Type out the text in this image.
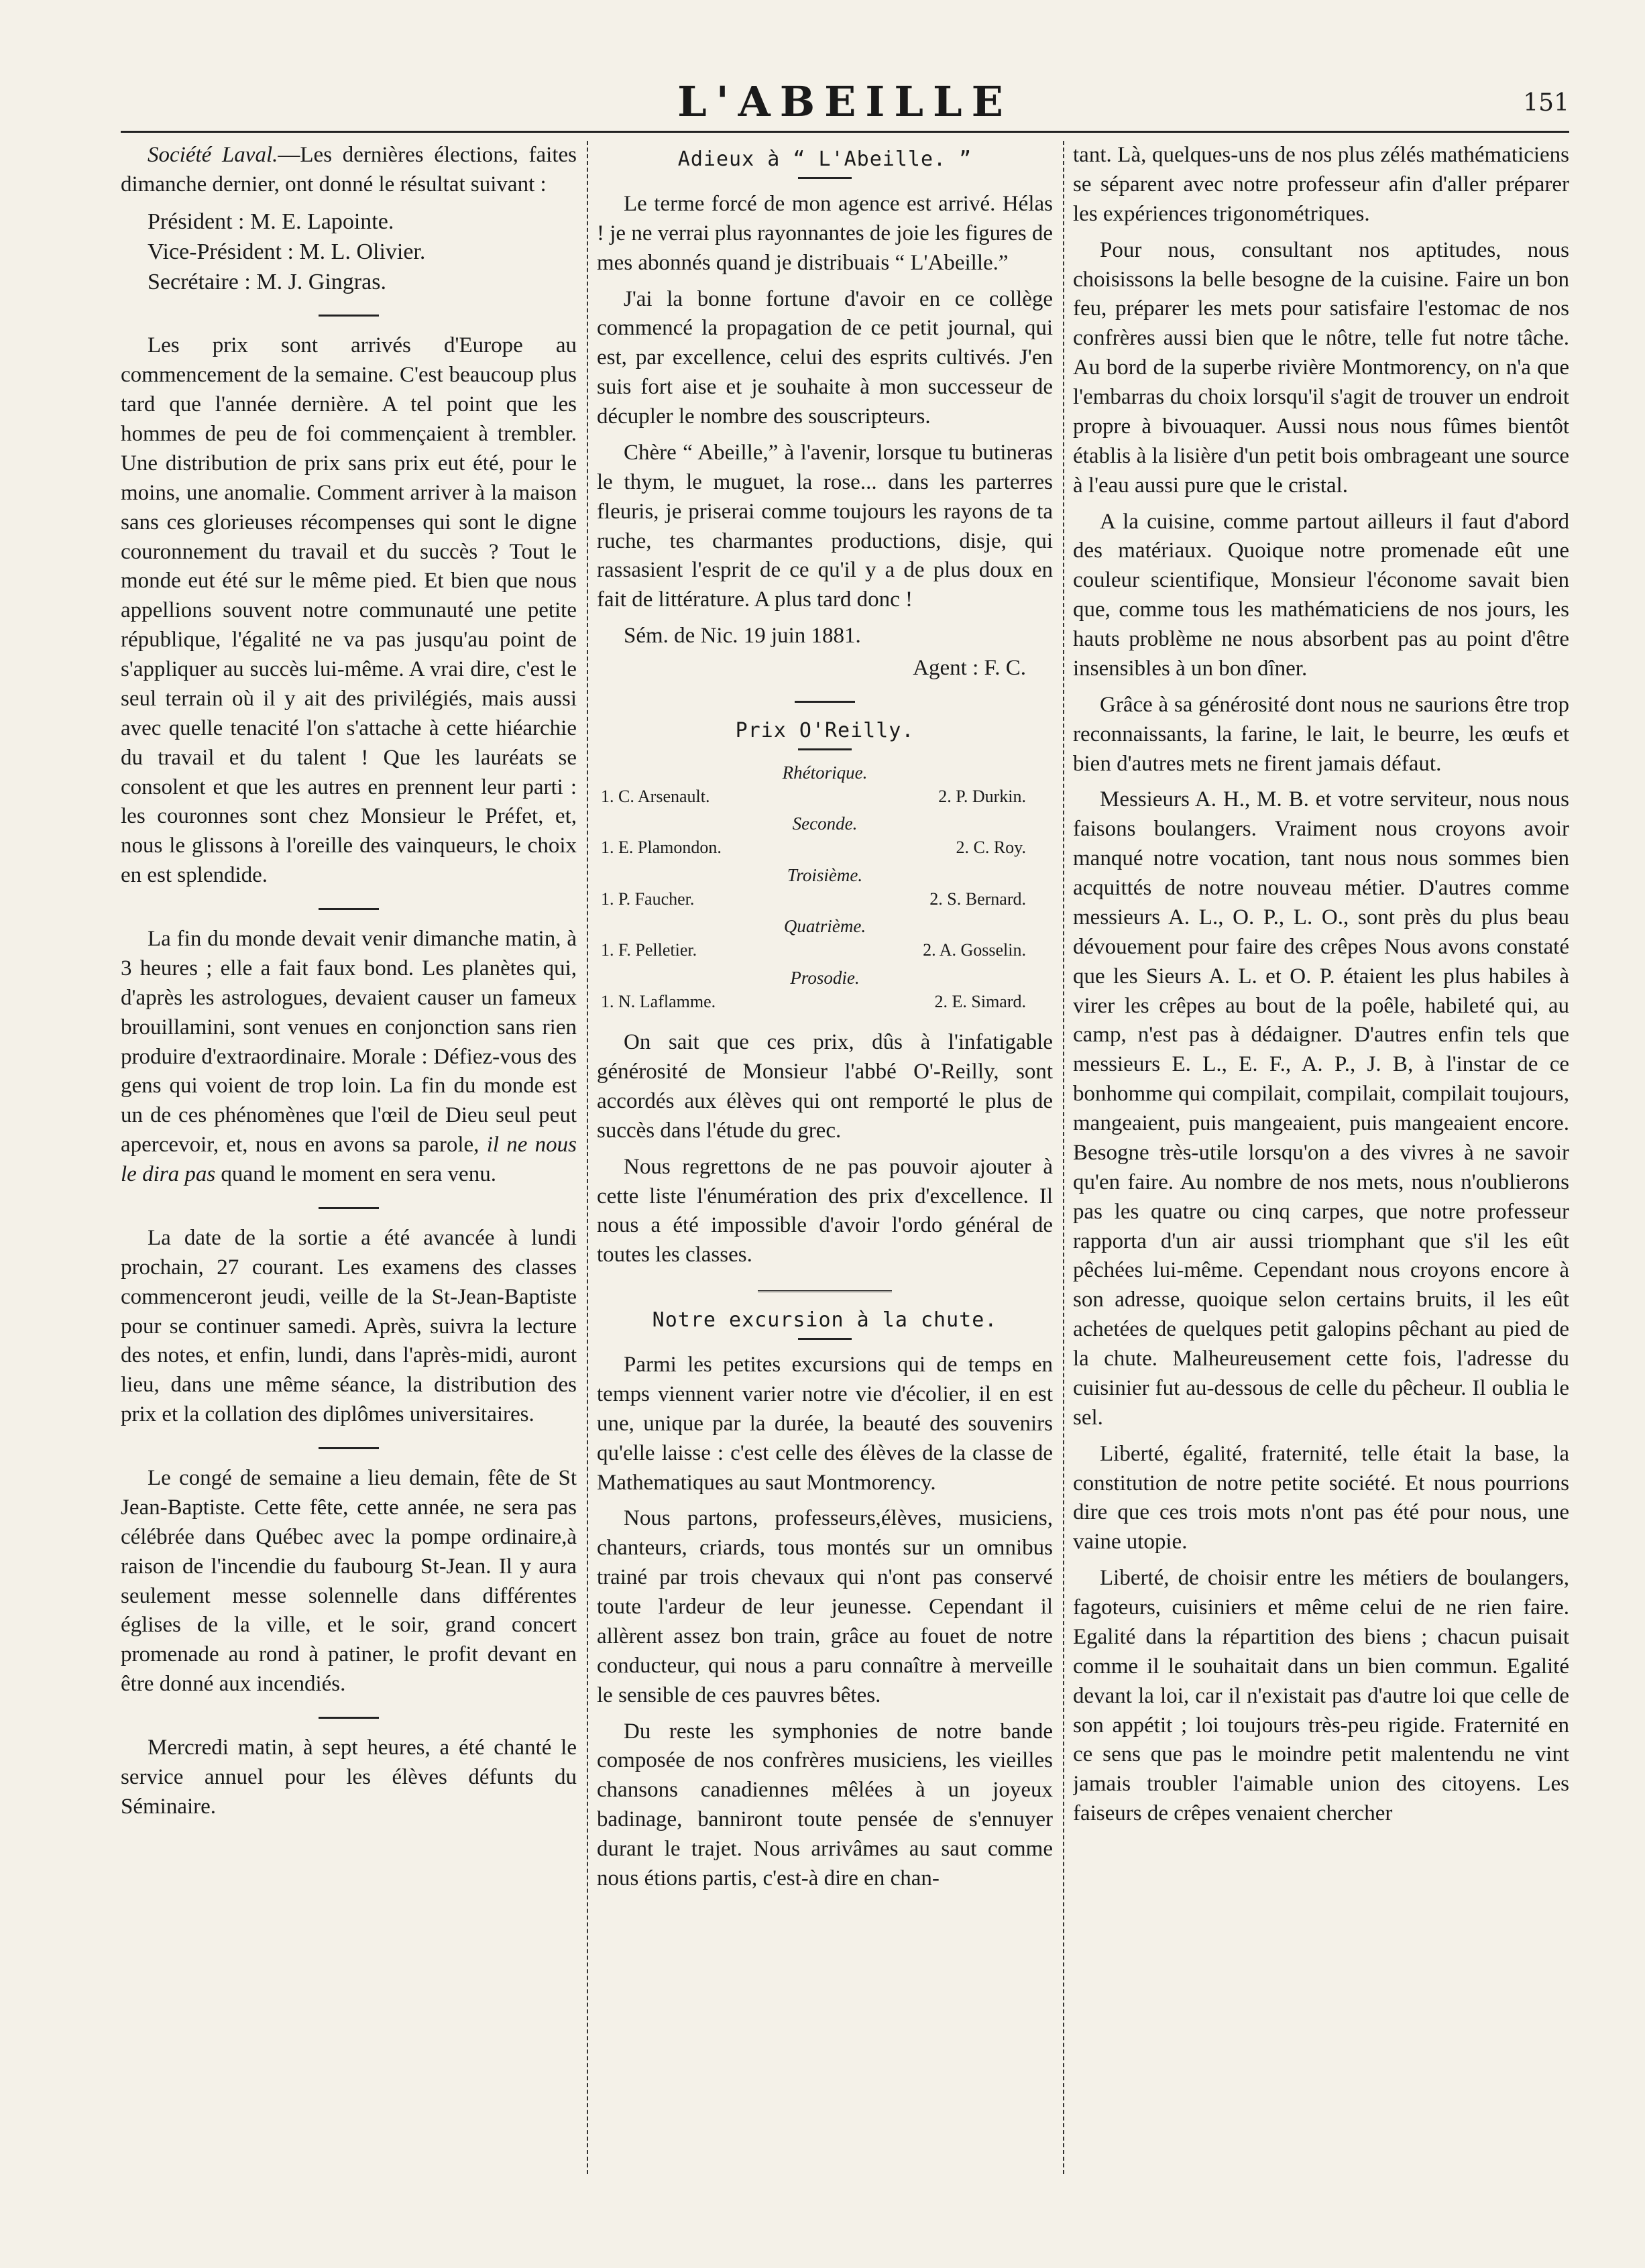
L'ABEILLE	151

Société Laval.—Les dernières élections, faites dimanche dernier, ont donné le résultat suivant :

Président : M. E. Lapointe.
Vice-Président : M. L. Olivier.
Secrétaire : M. J. Gingras.

Les prix sont arrivés d'Europe au commencement de la semaine. C'est beaucoup plus tard que l'année dernière. A tel point que les hommes de peu de foi commençaient à trembler. Une distribution de prix sans prix eut été, pour le moins, une anomalie. Comment arriver à la maison sans ces glorieuses récompenses qui sont le digne couronnement du travail et du succès ? Tout le monde eut été sur le même pied. Et bien que nous appellions souvent notre communauté une petite république, l'égalité ne va pas jusqu'au point de s'appliquer au succès lui-même. A vrai dire, c'est le seul terrain où il y ait des privilégiés, mais aussi avec quelle tenacité l'on s'attache à cette hiéarchie du travail et du talent ! Que les lauréats se consolent et que les autres en prennent leur parti : les couronnes sont chez Monsieur le Préfet, et, nous le glissons à l'oreille des vainqueurs, le choix en est splendide.

La fin du monde devait venir dimanche matin, à 3 heures ; elle a fait faux bond. Les planètes qui, d'après les astrologues, devaient causer un fameux brouillamini, sont venues en conjonction sans rien produire d'extraordinaire. Morale : Défiez-vous des gens qui voient de trop loin. La fin du monde est un de ces phénomènes que l'œil de Dieu seul peut apercevoir, et, nous en avons sa parole, il ne nous le dira pas quand le moment en sera venu.

La date de la sortie a été avancée à lundi prochain, 27 courant. Les examens des classes commenceront jeudi, veille de la St-Jean-Baptiste pour se continuer samedi. Après, suivra la lecture des notes, et enfin, lundi, dans l'après-midi, auront lieu, dans une même séance, la distribution des prix et la collation des diplômes universitaires.

Le congé de semaine a lieu demain, fête de St Jean-Baptiste. Cette fête, cette année, ne sera pas célébrée dans Québec avec la pompe ordinaire,à raison de l'incendie du faubourg St-Jean. Il y aura seulement messe solennelle dans différentes églises de la ville, et le soir, grand concert promenade au rond à patiner, le profit devant en être donné aux incendiés.

Mercredi matin, à sept heures, a été chanté le service annuel pour les élèves défunts du Séminaire.

Adieux à “ L'Abeille. ”

Le terme forcé de mon agence est arrivé. Hélas ! je ne verrai plus rayonnantes de joie les figures de mes abonnés quand je distribuais “ L'Abeille.”

J'ai la bonne fortune d'avoir en ce collège commencé la propagation de ce petit journal, qui est, par excellence, celui des esprits cultivés. J'en suis fort aise et je souhaite à mon successeur de décupler le nombre des souscripteurs.

Chère “ Abeille,” à l'avenir, lorsque tu butineras le thym, le muguet, la rose... dans les parterres fleuris, je priserai comme toujours les rayons de ta ruche, tes charmantes productions, disje, qui rassasient l'esprit de ce qu'il y a de plus doux en fait de littérature. A plus tard donc !

Sém. de Nic. 19 juin 1881.
Agent : F. C.
Prix O'Reilly.
Rhétorique.
1. C. Arsenault.	2. P. Durkin.
Seconde.
1. E. Plamondon.	2. C. Roy.
Troisième.
1. P. Faucher.	2. S. Bernard.
Quatrième.
1. F. Pelletier.	2. A. Gosselin.
Prosodie.
1. N. Laflamme.	2. E. Simard.

On sait que ces prix, dûs à l'infatigable générosité de Monsieur l'abbé O'-Reilly, sont accordés aux élèves qui ont remporté le plus de succès dans l'étude du grec.

Nous regrettons de ne pas pouvoir ajouter à cette liste l'énumération des prix d'excellence. Il nous a été impossible d'avoir l'ordo général de toutes les classes.

Notre excursion à la chute.

Parmi les petites excursions qui de temps en temps viennent varier notre vie d'écolier, il en est une, unique par la durée, la beauté des souvenirs qu'elle laisse : c'est celle des élèves de la classe de Mathematiques au saut Montmorency.

Nous partons, professeurs,élèves, musiciens, chanteurs, criards, tous montés sur un omnibus trainé par trois chevaux qui n'ont pas conservé toute l'ardeur de leur jeunesse. Cependant il allèrent assez bon train, grâce au fouet de notre conducteur, qui nous a paru connaître à merveille le sensible de ces pauvres bêtes.

Du reste les symphonies de notre bande composée de nos confrères musiciens, les vieilles chansons canadiennes mêlées à un joyeux badinage, banniront toute pensée de s'ennuyer durant le trajet. Nous arrivâmes au saut comme nous étions partis, c'est-à dire en chan-

tant. Là, quelques-uns de nos plus zélés mathématiciens se séparent avec notre professeur afin d'aller préparer les expériences trigonométriques.

Pour nous, consultant nos aptitudes, nous choisissons la belle besogne de la cuisine. Faire un bon feu, préparer les mets pour satisfaire l'estomac de nos confrères aussi bien que le nôtre, telle fut notre tâche. Au bord de la superbe rivière Montmorency, on n'a que l'embarras du choix lorsqu'il s'agit de trouver un endroit propre à bivouaquer. Aussi nous nous fûmes bientôt établis à la lisière d'un petit bois ombrageant une source à l'eau aussi pure que le cristal.

A la cuisine, comme partout ailleurs il faut d'abord des matériaux. Quoique notre promenade eût une couleur scientifique, Monsieur l'économe savait bien que, comme tous les mathématiciens de nos jours, les hauts problème ne nous absorbent pas au point d'être insensibles à un bon dîner.

Grâce à sa générosité dont nous ne saurions être trop reconnaissants, la farine, le lait, le beurre, les œufs et bien d'autres mets ne firent jamais défaut.

Messieurs A. H., M. B. et votre serviteur, nous nous faisons boulangers. Vraiment nous croyons avoir manqué notre vocation, tant nous nous sommes bien acquittés de notre nouveau métier. D'autres comme messieurs A. L., O. P., L. O., sont près du plus beau dévouement pour faire des crêpes Nous avons constaté que les Sieurs A. L. et O. P. étaient les plus habiles à virer les crêpes au bout de la poêle, habileté qui, au camp, n'est pas à dédaigner. D'autres enfin tels que messieurs E. L., E. F., A. P., J. B, à l'instar de ce bonhomme qui compilait, compilait, compilait toujours, mangeaient, puis mangeaient, puis mangeaient encore. Besogne très-utile lorsqu'on a des vivres à ne savoir qu'en faire. Au nombre de nos mets, nous n'oublierons pas les quatre ou cinq carpes, que notre professeur rapporta d'un air aussi triomphant que s'il les eût pêchées lui-même. Cependant nous croyons encore à son adresse, quoique selon certains bruits, il les eût achetées de quelques petit galopins pêchant au pied de la chute. Malheureusement cette fois, l'adresse du cuisinier fut au-dessous de celle du pêcheur. Il oublia le sel.

Liberté, égalité, fraternité, telle était la base, la constitution de notre petite société. Et nous pourrions dire que ces trois mots n'ont pas été pour nous, une vaine utopie.

Liberté, de choisir entre les métiers de boulangers, fagoteurs, cuisiniers et même celui de ne rien faire. Egalité dans la répartition des biens ; chacun puisait comme il le souhaitait dans un bien commun. Egalité devant la loi, car il n'existait pas d'autre loi que celle de son appétit ; loi toujours très-peu rigide. Fraternité en ce sens que pas le moindre petit malentendu ne vint jamais troubler l'aimable union des citoyens. Les faiseurs de crêpes venaient chercher
